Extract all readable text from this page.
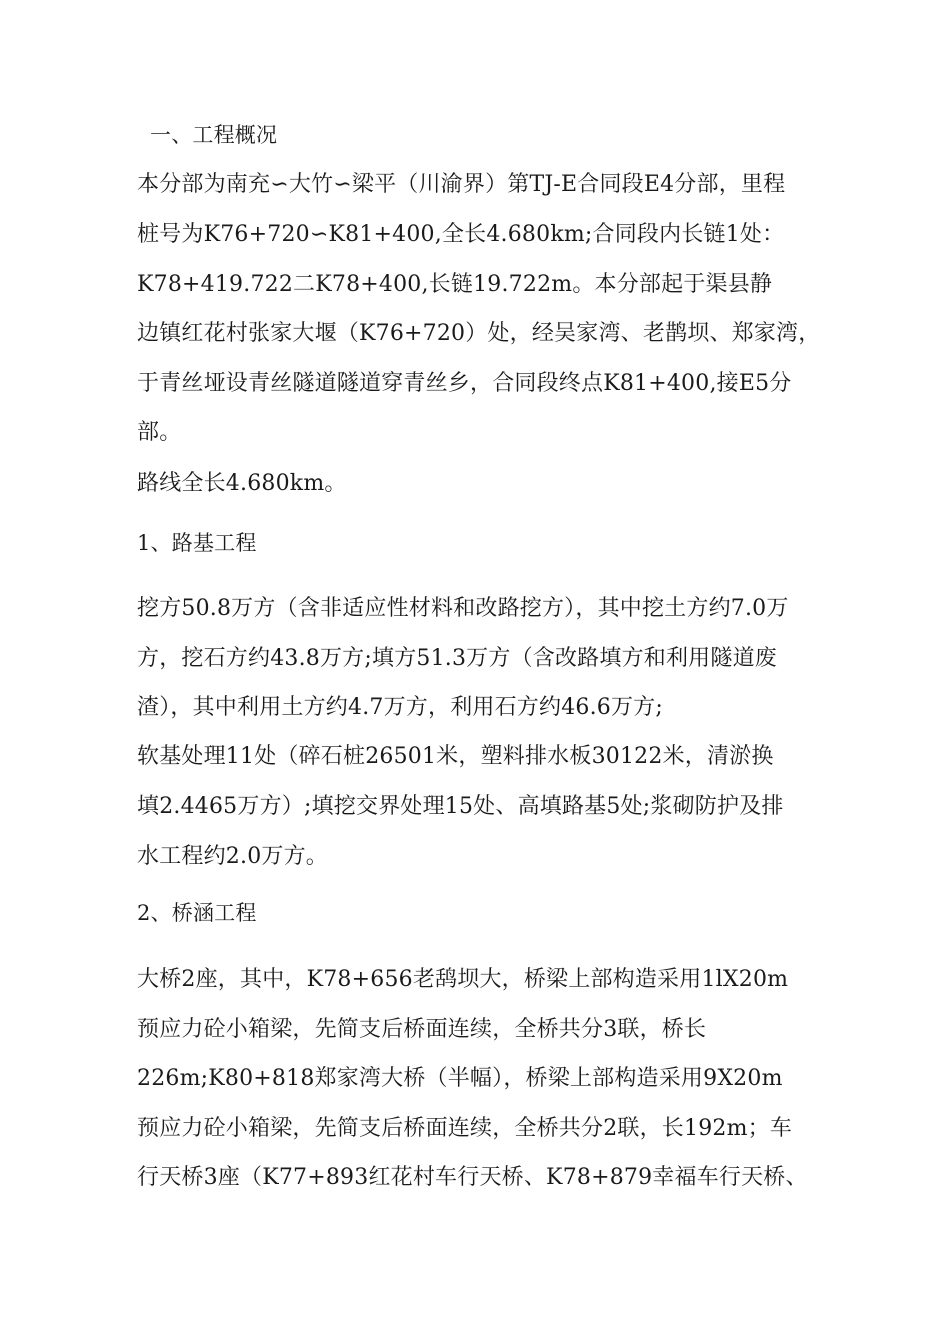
一、工程概况
本分部为南充∽大竹∽梁平（川渝界）第TJ-E合同段E4分部，里程
桩号为K76+720∽K81+400,全长4.680km;合同段内长链1处：
K78+419.722二K78+400,长链19.722m。本分部起于渠县静
边镇红花村张家大堰（K76+720）处，经吴家湾、老鹊坝、郑家湾，
于青丝垭设青丝隧道隧道穿青丝乡，合同段终点K81+400,接E5分
部。
路线全长4.680km。
1、路基工程
挖方50.8万方（含非适应性材料和改路挖方），其中挖土方约7.0万
方，挖石方约43.8万方;填方51.3万方（含改路填方和利用隧道废
渣），其中利用土方约4.7万方，利用石方约46.6万方;
软基处理11处（碎石桩26501米，塑料排水板30122米，清淤换
填2.4465万方）;填挖交界处理15处、高填路基5处;浆砌防护及排
水工程约2.0万方。
2、桥涵工程
大桥2座，其中，K78+656老鸹坝大，桥梁上部构造采用1lX20m
预应力砼小箱梁，先简支后桥面连续，全桥共分3联，桥长
226m;K80+818郑家湾大桥（半幅），桥梁上部构造采用9X20m
预应力砼小箱梁，先简支后桥面连续，全桥共分2联，长192m；车
行天桥3座（K77+893红花村车行天桥、K78+879幸福车行天桥、
